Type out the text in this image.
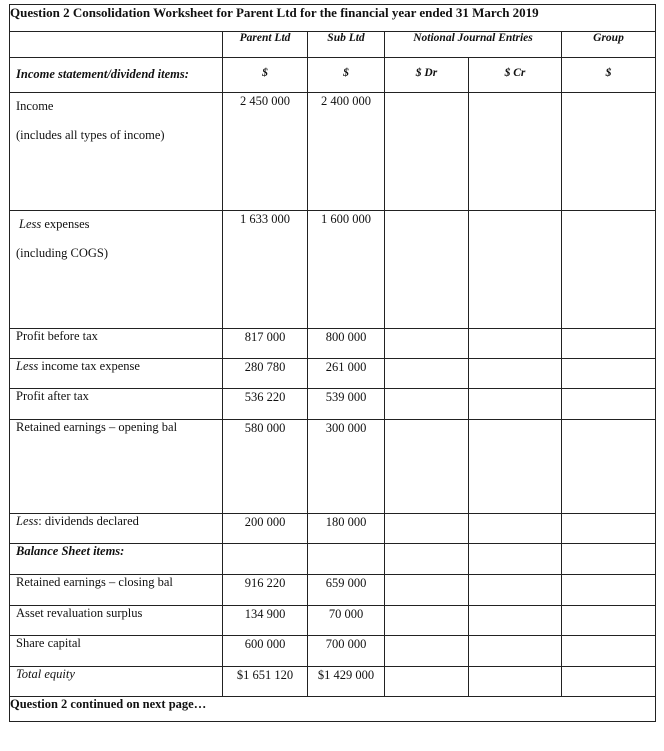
Question 2 Consolidation Worksheet for Parent Ltd for the financial year ended 31 March 2019					
	Parent Ltd	Sub Ltd	Notional Journal Entries		Group
Income statement/dividend items:	$	$	$ Dr	$ Cr	$

Income
(includes all types of income)	2 450 000	2 400 000			

Less expenses
(including COGS)	1 633 000	1 600 000			
Profit before tax	817 000	800 000			
Less income tax expense	280 780	261 000			
Profit after tax	536 220	539 000			
Retained earnings – opening bal	580 000	300 000			
Less: dividends declared	200 000	180 000			
Balance Sheet items:					
Retained earnings – closing bal	916 220	659 000			
Asset revaluation surplus	134 900	70 000			
Share capital	600 000	700 000			
Total equity	$1 651 120	$1 429 000			
Question 2 continued on next page…					
